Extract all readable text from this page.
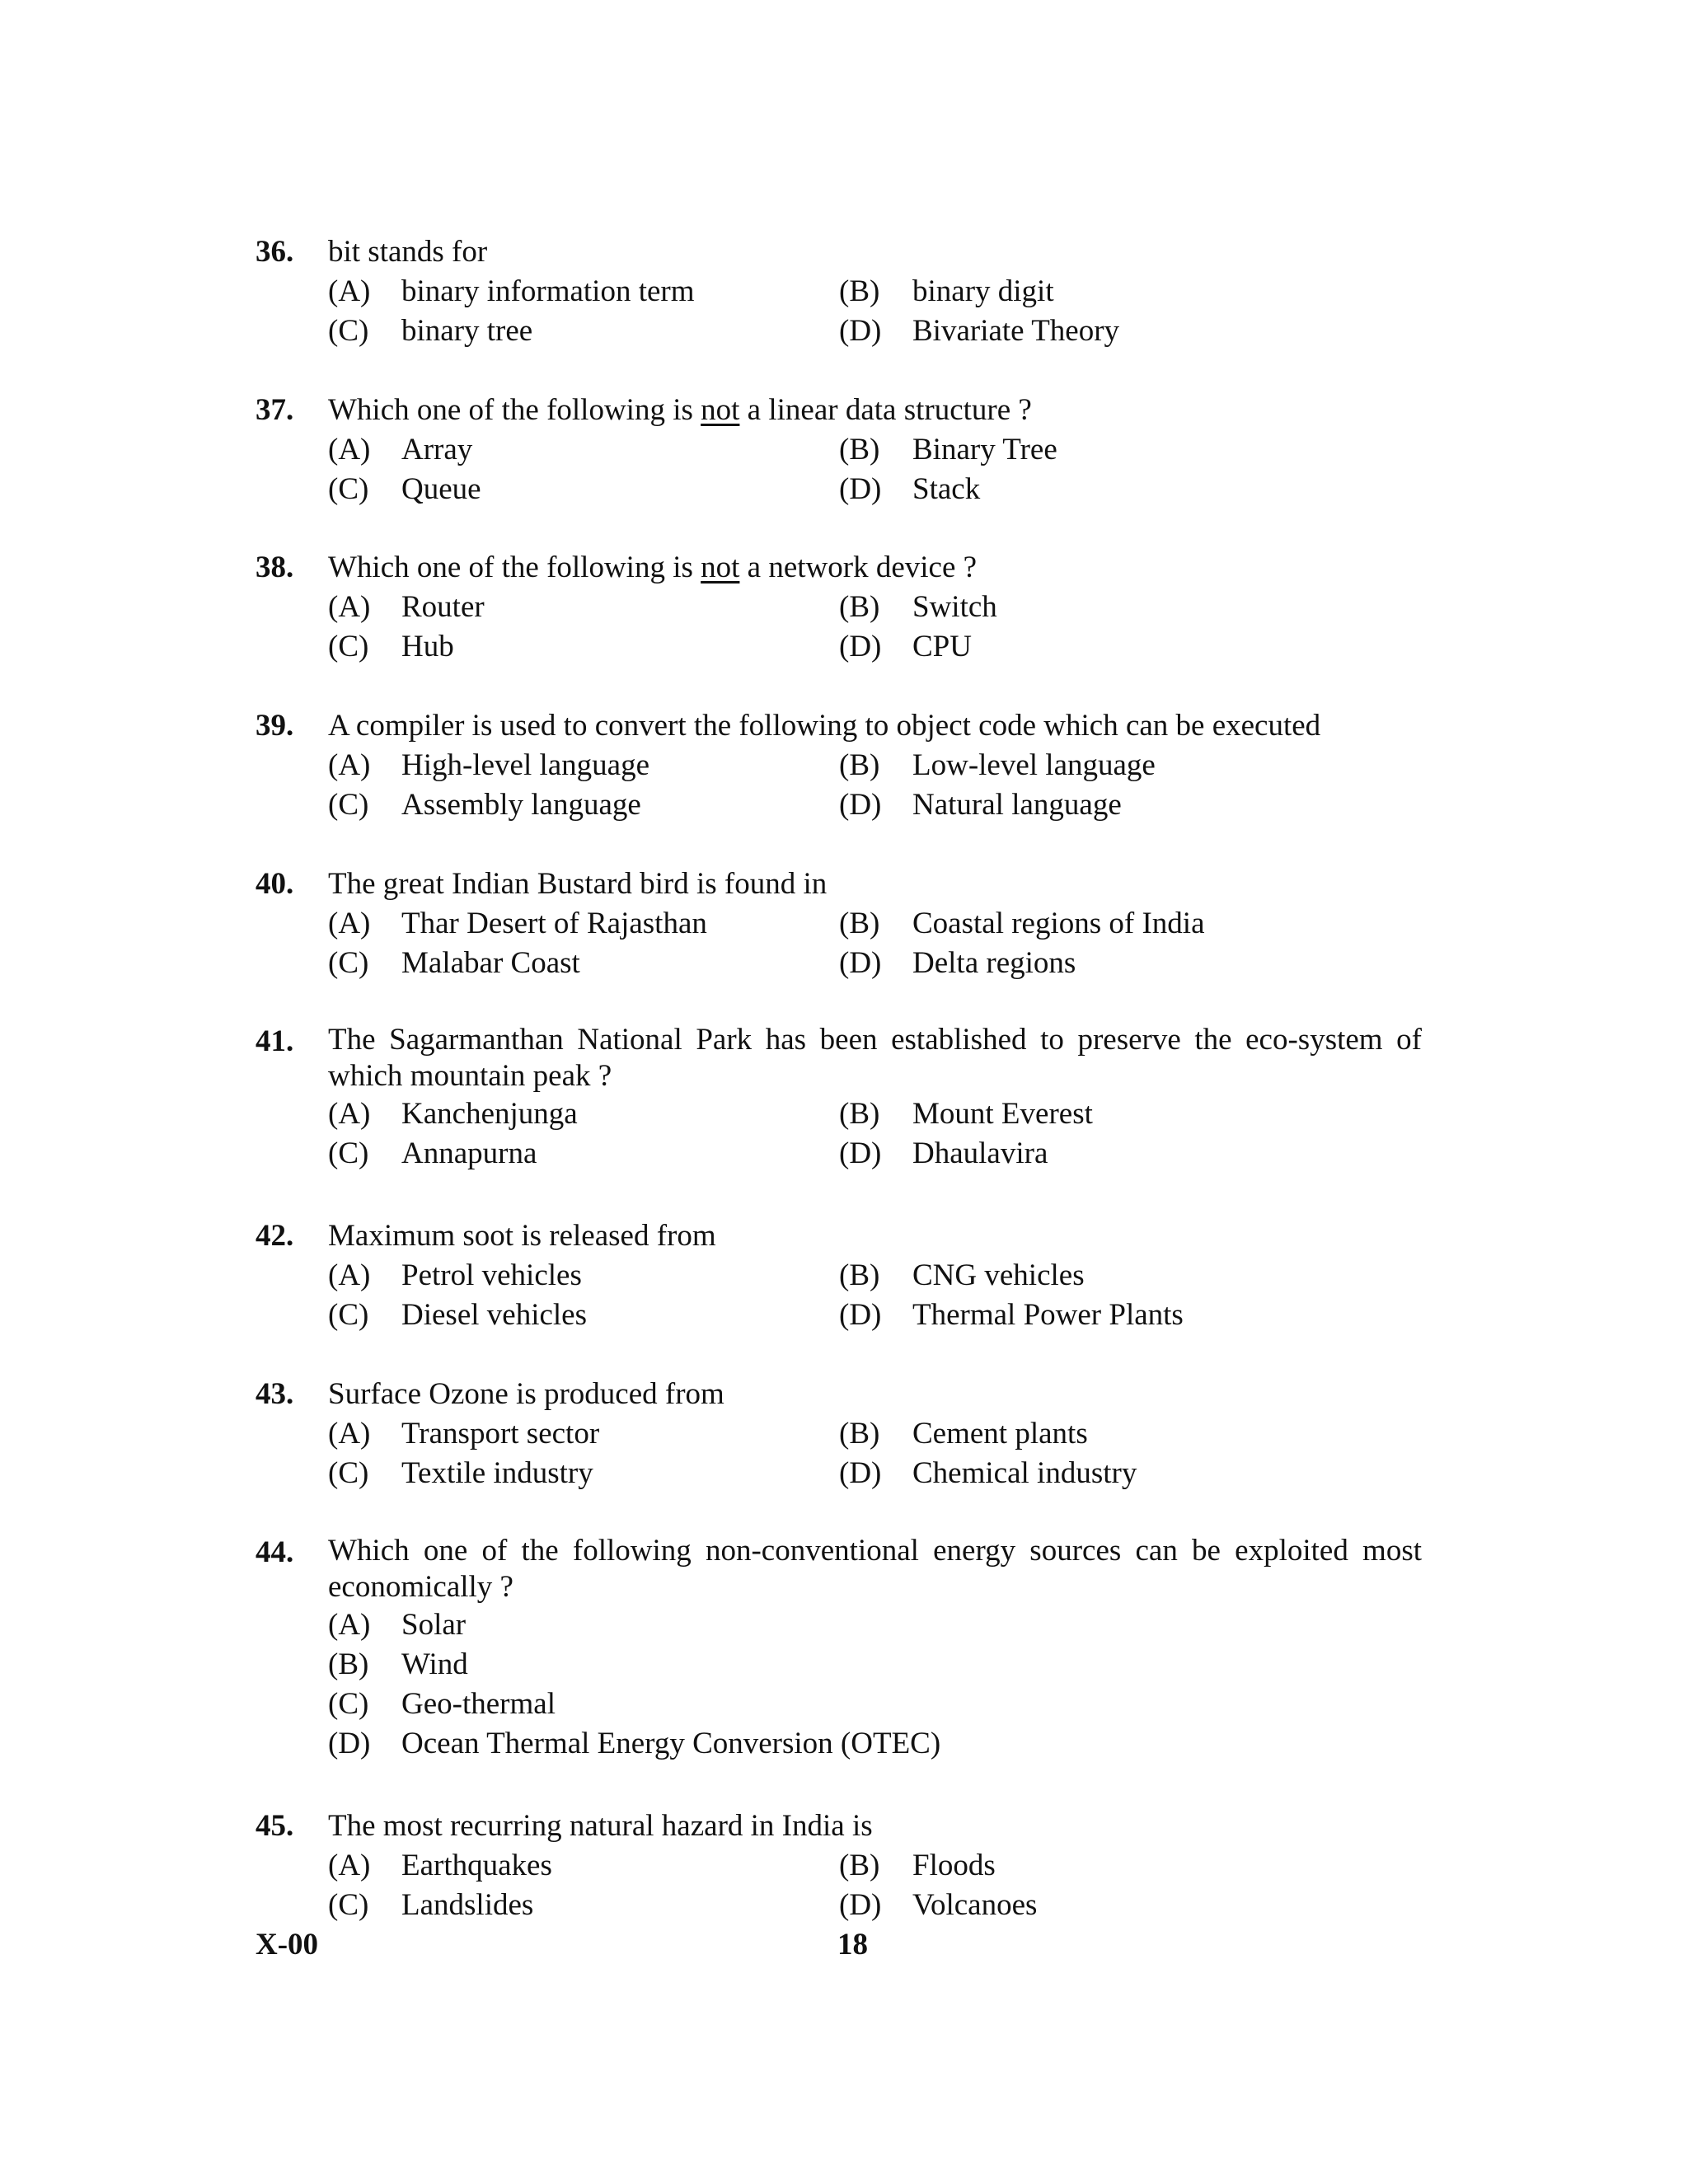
36.	bit stands for
(A)	binary information term	(B)	binary digit
(C)	binary tree	(D)	Bivariate Theory
37.	Which one of the following is not a linear data structure ?
(A)	Array	(B)	Binary Tree
(C)	Queue	(D)	Stack
38.	Which one of the following is not a network device ?
(A)	Router	(B)	Switch
(C)	Hub	(D)	CPU
39.	A compiler is used to convert the following to object code which can be executed
(A)	High-level language	(B)	Low-level language
(C)	Assembly language	(D)	Natural language
40.	The great Indian Bustard bird is found in
(A)	Thar Desert of Rajasthan	(B)	Coastal regions of India
(C)	Malabar Coast	(D)	Delta regions
41.	The Sagarmanthan National Park has been established to preserve the eco-system of which mountain peak ?
(A)	Kanchenjunga	(B)	Mount Everest
(C)	Annapurna	(D)	Dhaulavira
42.	Maximum soot is released from
(A)	Petrol vehicles	(B)	CNG vehicles
(C)	Diesel vehicles	(D)	Thermal Power Plants
43.	Surface Ozone is produced from
(A)	Transport sector	(B)	Cement plants
(C)	Textile industry	(D)	Chemical industry
44.	Which one of the following non-conventional energy sources can be exploited most economically ?
(A)	Solar
(B)	Wind
(C)	Geo-thermal
(D)	Ocean Thermal Energy Conversion (OTEC)
45.	The most recurring natural hazard in India is
(A)	Earthquakes	(B)	Floods
(C)	Landslides	(D)	Volcanoes
X-00	18
